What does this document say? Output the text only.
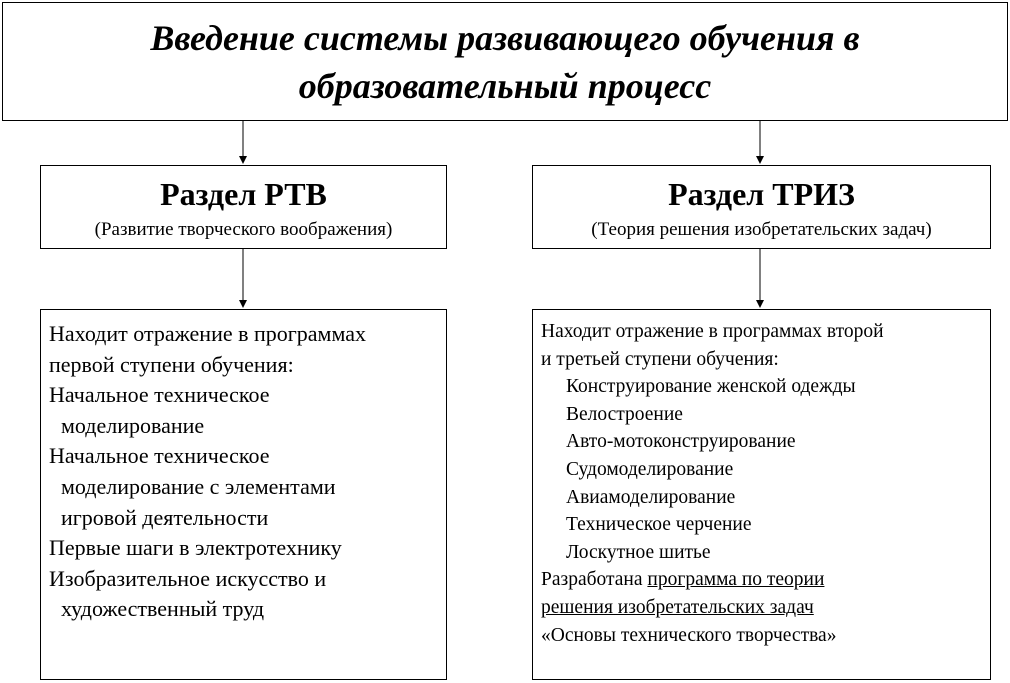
Введение системы развивающего обучения в
образовательный процесс
Раздел РТВ
(Развитие творческого воображения)
Раздел ТРИЗ
(Теория решения изобретательских задач)
Находит отражение в программах
первой ступени обучения:
Начальное техническое
моделирование
Начальное техническое
моделирование с элементами
игровой деятельности
Первые шаги в электротехнику
Изобразительное искусство и
художественный труд
Находит отражение в программах второй
и третьей ступени обучения:
Конструирование женской одежды
Велостроение
Авто-мотоконструирование
Судомоделирование
Авиамоделирование
Техническое черчение
Лоскутное шитье
Разработана программа по теории
решения изобретательских задач
«Основы технического творчества»
